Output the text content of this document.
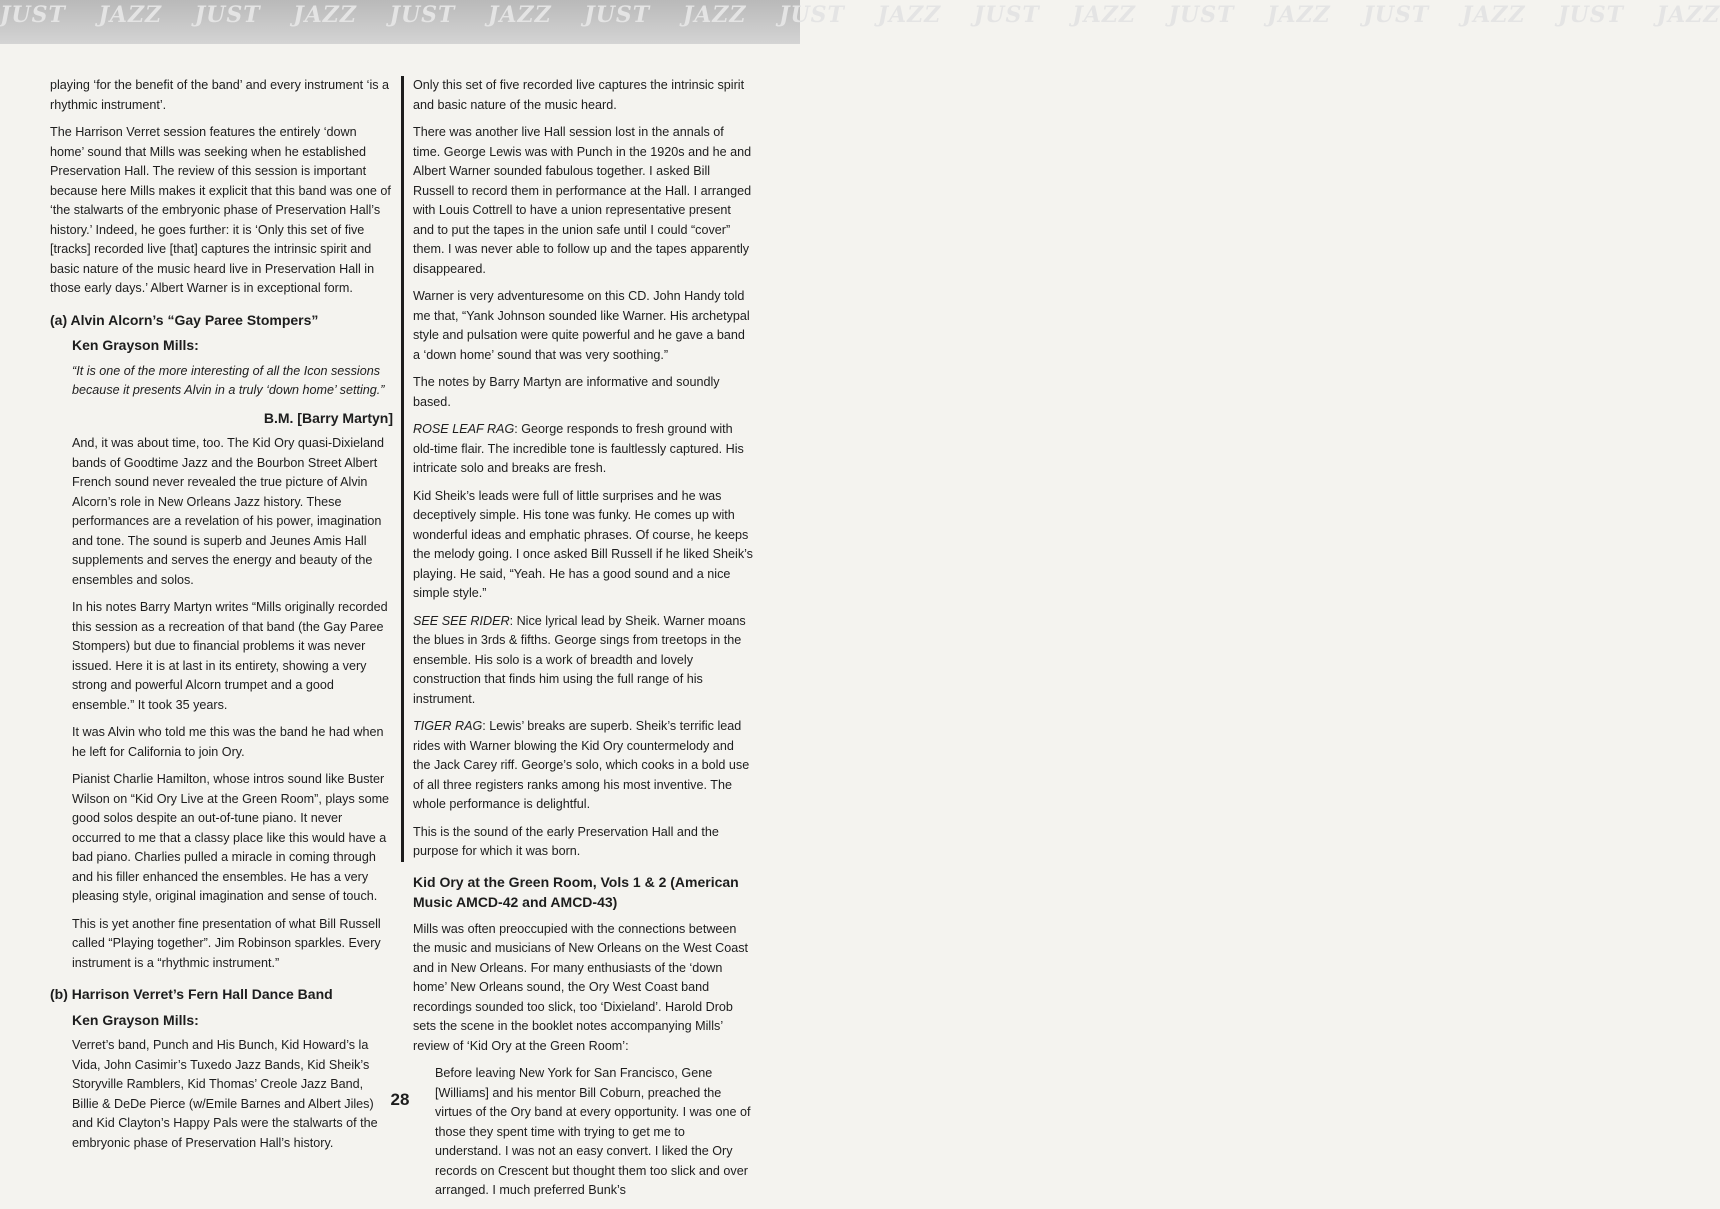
JUST JAZZ JUST JAZZ JUST JAZZ JUST JAZZ JUST JAZZ JUST JAZZ JUST JAZZ JUST JAZZ JUST JAZZ

playing ‘for the benefit of the band’ and every instrument ‘is a rhythmic instrument’.

The Harrison Verret session features the entirely ‘down home’ sound that Mills was seeking when he established Preservation Hall. The review of this session is important because here Mills makes it explicit that this band was one of ‘the stalwarts of the embryonic phase of Preservation Hall’s history.’ Indeed, he goes further: it is ‘Only this set of five [tracks] recorded live [that] captures the intrinsic spirit and basic nature of the music heard live in Preservation Hall in those early days.’ Albert Warner is in exceptional form.

(a) Alvin Alcorn’s “Gay Paree Stompers”
Ken Grayson Mills:

“It is one of the more interesting of all the Icon sessions because it presents Alvin in a truly ‘down home’ setting.”

B.M. [Barry Martyn]

And, it was about time, too. The Kid Ory quasi-Dixieland bands of Goodtime Jazz and the Bourbon Street Albert French sound never revealed the true picture of Alvin Alcorn’s role in New Orleans Jazz history. These performances are a revelation of his power, imagination and tone. The sound is superb and Jeunes Amis Hall supplements and serves the energy and beauty of the ensembles and solos.

In his notes Barry Martyn writes “Mills originally recorded this session as a recreation of that band (the Gay Paree Stompers) but due to financial problems it was never issued. Here it is at last in its entirety, showing a very strong and powerful Alcorn trumpet and a good ensemble.” It took 35 years.

It was Alvin who told me this was the band he had when he left for California to join Ory.

Pianist Charlie Hamilton, whose intros sound like Buster Wilson on “Kid Ory Live at the Green Room”, plays some good solos despite an out-of-tune piano. It never occurred to me that a classy place like this would have a bad piano. Charlies pulled a miracle in coming through and his filler enhanced the ensembles. He has a very pleasing style, original imagination and sense of touch.

This is yet another fine presentation of what Bill Russell called “Playing together”. Jim Robinson sparkles. Every instrument is a “rhythmic instrument.”

(b) Harrison Verret’s Fern Hall Dance Band
Ken Grayson Mills:

Verret’s band, Punch and His Bunch, Kid Howard’s la Vida, John Casimir’s Tuxedo Jazz Bands, Kid Sheik’s Storyville Ramblers, Kid Thomas’ Creole Jazz Band, Billie & DeDe Pierce (w/Emile Barnes and Albert Jiles) and Kid Clayton’s Happy Pals were the stalwarts of the embryonic phase of Preservation Hall’s history.

Only this set of five recorded live captures the intrinsic spirit and basic nature of the music heard.

There was another live Hall session lost in the annals of time. George Lewis was with Punch in the 1920s and he and Albert Warner sounded fabulous together. I asked Bill Russell to record them in performance at the Hall. I arranged with Louis Cottrell to have a union representative present and to put the tapes in the union safe until I could “cover” them. I was never able to follow up and the tapes apparently disappeared.

Warner is very adventuresome on this CD. John Handy told me that, “Yank Johnson sounded like Warner. His archetypal style and pulsation were quite powerful and he gave a band a ‘down home’ sound that was very soothing.”

The notes by Barry Martyn are informative and soundly based.

ROSE LEAF RAG: George responds to fresh ground with old-time flair. The incredible tone is faultlessly captured. His intricate solo and breaks are fresh.

Kid Sheik’s leads were full of little surprises and he was deceptively simple. His tone was funky. He comes up with wonderful ideas and emphatic phrases. Of course, he keeps the melody going. I once asked Bill Russell if he liked Sheik’s playing. He said, “Yeah. He has a good sound and a nice simple style.”

SEE SEE RIDER: Nice lyrical lead by Sheik. Warner moans the blues in 3rds & fifths. George sings from treetops in the ensemble. His solo is a work of breadth and lovely construction that finds him using the full range of his instrument.

TIGER RAG: Lewis’ breaks are superb. Sheik’s terrific lead rides with Warner blowing the Kid Ory countermelody and the Jack Carey riff. George’s solo, which cooks in a bold use of all three registers ranks among his most inventive. The whole performance is delightful.

This is the sound of the early Preservation Hall and the purpose for which it was born.

Kid Ory at the Green Room, Vols 1 & 2 (American Music AMCD-42 and AMCD-43)

Mills was often preoccupied with the connections between the music and musicians of New Orleans on the West Coast and in New Orleans. For many enthusiasts of the ‘down home’ New Orleans sound, the Ory West Coast band recordings sounded too slick, too ‘Dixieland’. Harold Drob sets the scene in the booklet notes accompanying Mills’ review of ‘Kid Ory at the Green Room’:

Before leaving New York for San Francisco, Gene [Williams] and his mentor Bill Coburn, preached the virtues of the Ory band at every opportunity. I was one of those they spent time with trying to get me to understand. I was not an easy convert. I liked the Ory records on Crescent but thought them too slick and over arranged. I much preferred Bunk’s

28
